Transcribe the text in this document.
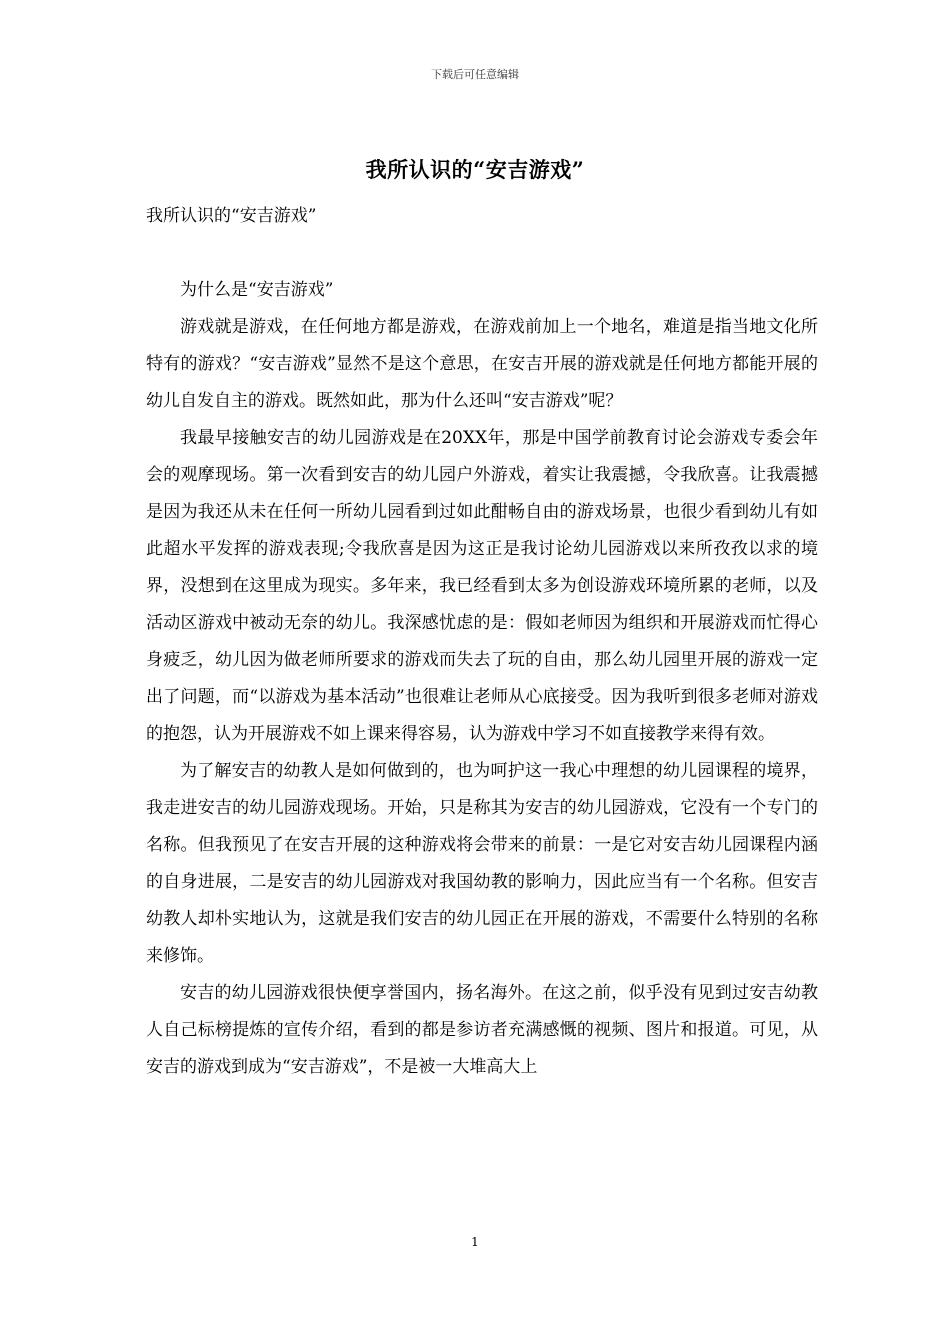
下载后可任意编辑
我所认识的“安吉游戏”

我所认识的“安吉游戏”

为什么是“安吉游戏”

游戏就是游戏，在任何地方都是游戏，在游戏前加上一个地名，难道是指当地文化所特有的游戏？“安吉游戏”显然不是这个意思，在安吉开展的游戏就是任何地方都能开展的幼儿自发自主的游戏。既然如此，那为什么还叫“安吉游戏”呢？

我最早接触安吉的幼儿园游戏是在20XX年，那是中国学前教育讨论会游戏专委会年会的观摩现场。第一次看到安吉的幼儿园户外游戏，着实让我震撼，令我欣喜。让我震撼是因为我还从未在任何一所幼儿园看到过如此酣畅自由的游戏场景，也很少看到幼儿有如此超水平发挥的游戏表现;令我欣喜是因为这正是我讨论幼儿园游戏以来所孜孜以求的境界，没想到在这里成为现实。多年来，我已经看到太多为创设游戏环境所累的老师，以及活动区游戏中被动无奈的幼儿。我深感忧虑的是：假如老师因为组织和开展游戏而忙得心身疲乏，幼儿因为做老师所要求的游戏而失去了玩的自由，那么幼儿园里开展的游戏一定出了问题，而“以游戏为基本活动”也很难让老师从心底接受。因为我听到很多老师对游戏的抱怨，认为开展游戏不如上课来得容易，认为游戏中学习不如直接教学来得有效。

为了解安吉的幼教人是如何做到的，也为呵护这一我心中理想的幼儿园课程的境界，我走进安吉的幼儿园游戏现场。开始，只是称其为安吉的幼儿园游戏，它没有一个专门的名称。但我预见了在安吉开展的这种游戏将会带来的前景：一是它对安吉幼儿园课程内涵的自身进展，二是安吉的幼儿园游戏对我国幼教的影响力，因此应当有一个名称。但安吉幼教人却朴实地认为，这就是我们安吉的幼儿园正在开展的游戏，不需要什么特别的名称来修饰。

安吉的幼儿园游戏很快便享誉国内，扬名海外。在这之前，似乎没有见到过安吉幼教人自己标榜提炼的宣传介绍，看到的都是参访者充满感慨的视频、图片和报道。可见，从安吉的游戏到成为“安吉游戏”，不是被一大堆高大上

1
